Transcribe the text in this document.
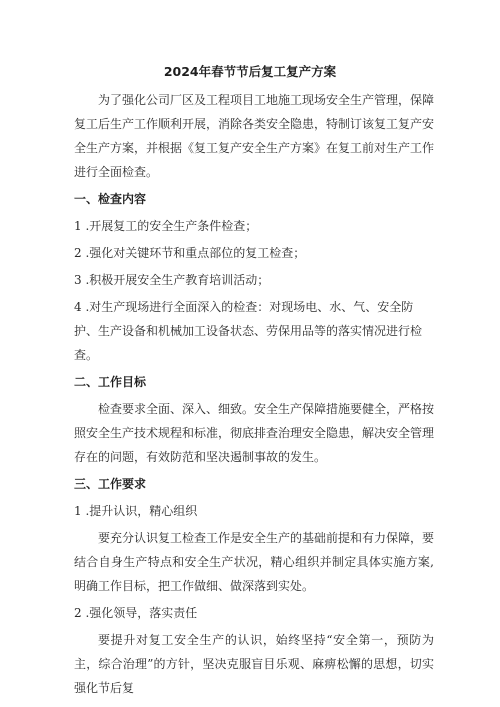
2024年春节节后复工复产方案

为了强化公司厂区及工程项目工地施工现场安全生产管理，保障复工后生产工作顺利开展，消除各类安全隐患，特制订该复工复产安全生产方案，并根据《复工复产安全生产方案》在复工前对生产工作进行全面检查。

一、检查内容
1 .开展复工的安全生产条件检查；
2 .强化对关键环节和重点部位的复工检查；
3 .积极开展安全生产教育培训活动；
4 .对生产现场进行全面深入的检查：对现场电、水、气、安全防护、生产设备和机械加工设备状态、劳保用品等的落实情况进行检查。
二、工作目标

检查要求全面、深入、细致。安全生产保障措施要健全，严格按照安全生产技术规程和标准，彻底排查治理安全隐患，解决安全管理存在的问题，有效防范和坚决遏制事故的发生。

三、工作要求
1 .提升认识，精心组织

要充分认识复工检查工作是安全生产的基础前提和有力保障，要结合自身生产特点和安全生产状况，精心组织并制定具体实施方案,明确工作目标，把工作做细、做深落到实处。

2 .强化领导，落实责任

要提升对复工安全生产的认识，始终坚持“安全第一，预防为主，综合治理”的方针，坚决克服盲目乐观、麻痹松懈的思想，切实强化节后复
